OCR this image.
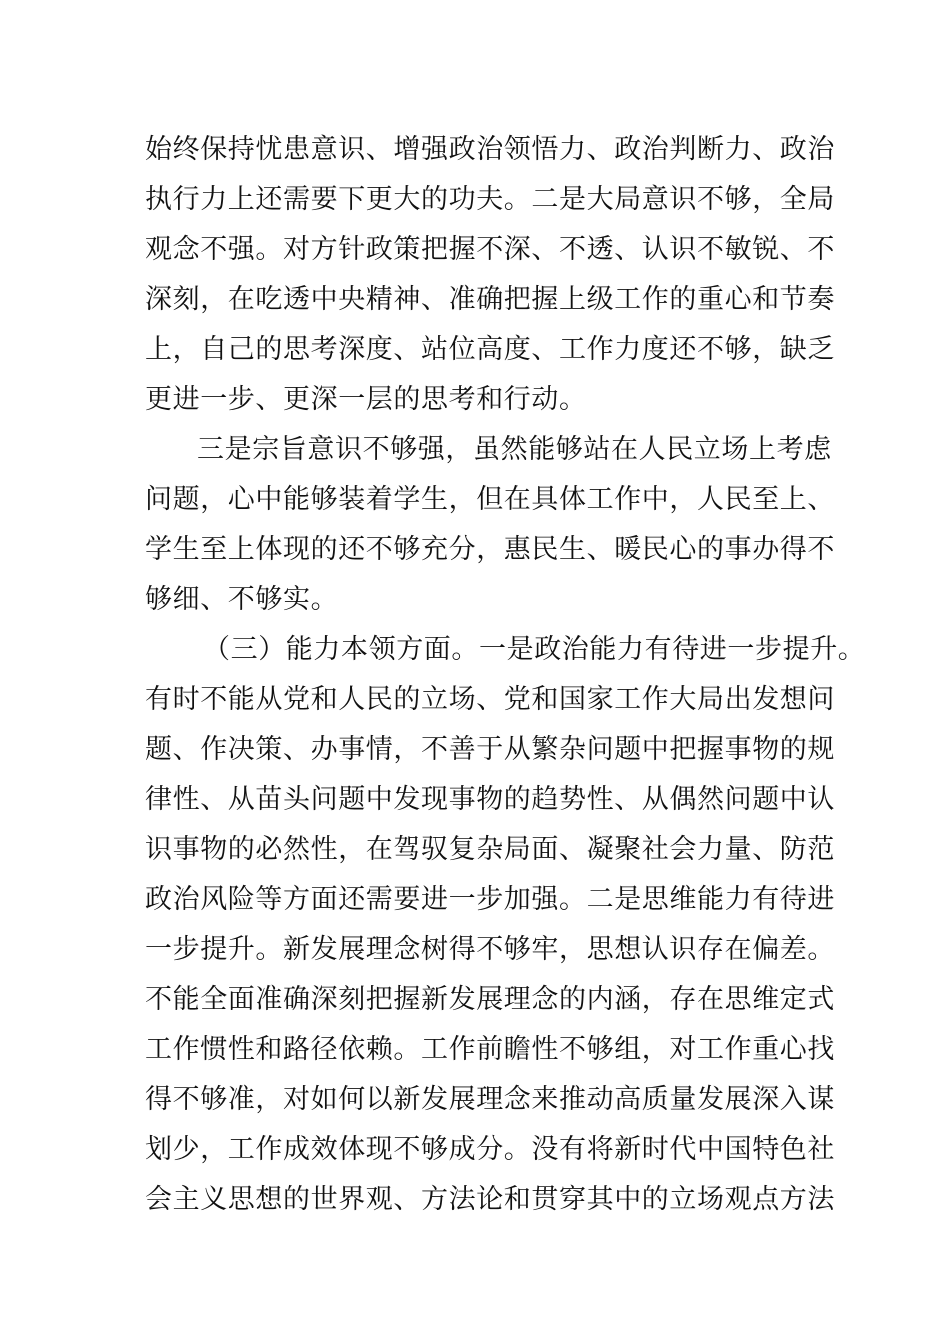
始终保持忧患意识、增强政治领悟力、政治判断力、政治
执行力上还需要下更大的功夫。二是大局意识不够，全局
观念不强。对方针政策把握不深、不透、认识不敏锐、不
深刻，在吃透中央精神、准确把握上级工作的重心和节奏
上，自己的思考深度、站位高度、工作力度还不够，缺乏
更进一步、更深一层的思考和行动。
三是宗旨意识不够强，虽然能够站在人民立场上考虑
问题，心中能够装着学生，但在具体工作中，人民至上、
学生至上体现的还不够充分，惠民生、暖民心的事办得不
够细、不够实。
（三）能力本领方面。一是政治能力有待进一步提升。
有时不能从党和人民的立场、党和国家工作大局出发想问
题、作决策、办事情，不善于从繁杂问题中把握事物的规
律性、从苗头问题中发现事物的趋势性、从偶然问题中认
识事物的必然性，在驾驭复杂局面、凝聚社会力量、防范
政治风险等方面还需要进一步加强。二是思维能力有待进
一步提升。新发展理念树得不够牢，思想认识存在偏差。
不能全面准确深刻把握新发展理念的内涵，存在思维定式
工作惯性和路径依赖。工作前瞻性不够组，对工作重心找
得不够准，对如何以新发展理念来推动高质量发展深入谋
划少，工作成效体现不够成分。没有将新时代中国特色社
会主义思想的世界观、方法论和贯穿其中的立场观点方法
